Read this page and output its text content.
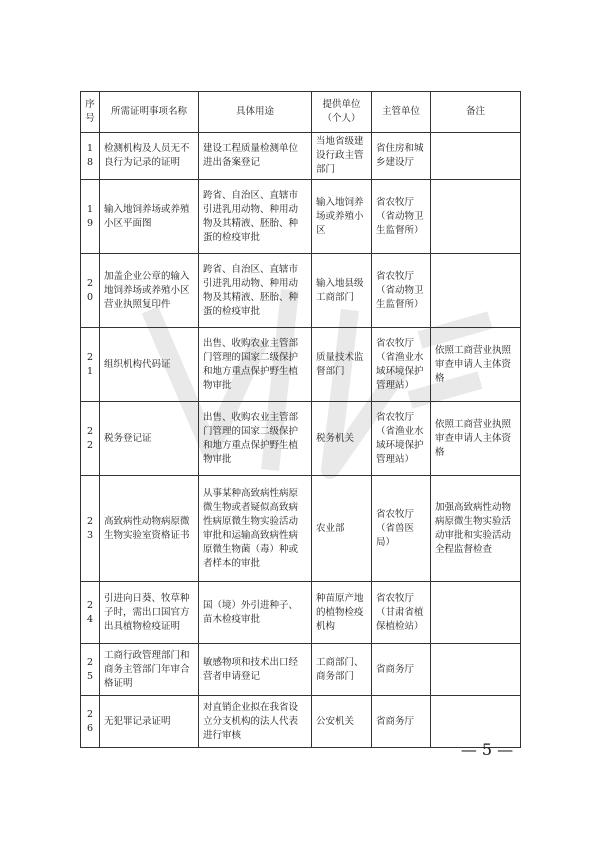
序号	所需证明事项名称	具体用途	提供单位（个人）	主管单位	备注
18	检测机构及人员无不良行为记录的证明	建设工程质量检测单位进出备案登记	当地省级建设行政主管部门	省住房和城乡建设厅	
19	输入地饲养场或养殖小区平面图	跨省、自治区、直辖市引进乳用动物、种用动物及其精液、胚胎、种蛋的检疫审批	输入地饲养场或养殖小区	省农牧厅（省动物卫生监督所）	
20	加盖企业公章的输入地饲养场或养殖小区营业执照复印件	跨省、自治区、直辖市引进乳用动物、种用动物及其精液、胚胎、种蛋的检疫审批	输入地县级工商部门	省农牧厅（省动物卫生监督所）	
21	组织机构代码证	出售、收购农业主管部门管理的国家二级保护和地方重点保护野生植物审批	质量技术监督部门	省农牧厅（省渔业水域环境保护管理站）	依照工商营业执照审查申请人主体资格
22	税务登记证	出售、收购农业主管部门管理的国家二级保护和地方重点保护野生植物审批	税务机关	省农牧厅（省渔业水域环境保护管理站）	依照工商营业执照审查申请人主体资格
23	高致病性动物病原微生物实验室资格证书	从事某种高致病性病原微生物或者疑似高致病性病原微生物实验活动审批和运输高致病性病原微生物菌（毒）种或者样本的审批	农业部	省农牧厅（省兽医局）	加强高致病性动物病原微生物实验活动审批和实验活动全程监督检查
24	引进向日葵、牧草种子时，需出口国官方出具植物检疫证明	国（境）外引进种子、苗木检疫审批	种苗原产地的植物检疫机构	省农牧厅（甘肃省植保植检站）	
25	工商行政管理部门和商务主管部门年审合格证明	敏感物项和技术出口经营者申请登记	工商部门、商务部门	省商务厅	
26	无犯罪记录证明	对直销企业拟在我省设立分支机构的法人代表进行审核	公安机关	省商务厅	
— 5 —
